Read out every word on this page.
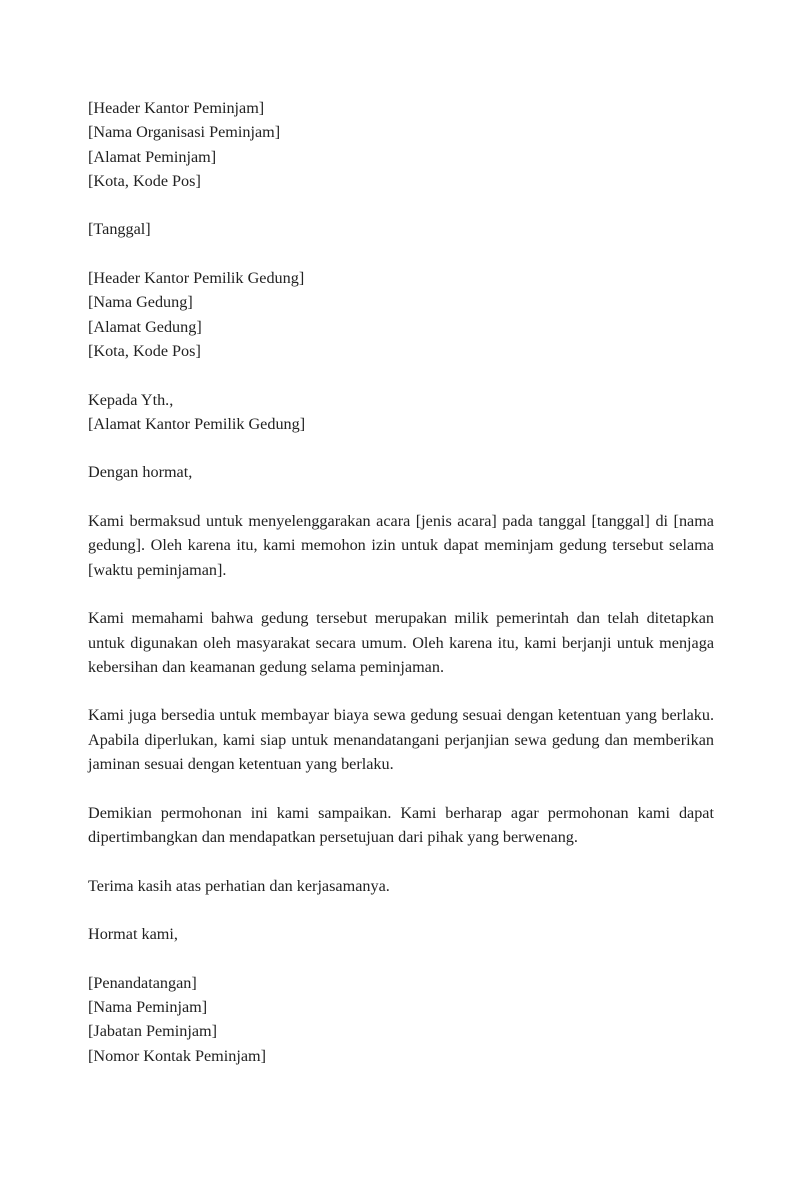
[Header Kantor Peminjam]
[Nama Organisasi Peminjam]
[Alamat Peminjam]
[Kota, Kode Pos]
[Tanggal]
[Header Kantor Pemilik Gedung]
[Nama Gedung]
[Alamat Gedung]
[Kota, Kode Pos]
Kepada Yth.,
[Alamat Kantor Pemilik Gedung]
Dengan hormat,

Kami bermaksud untuk menyelenggarakan acara [jenis acara] pada tanggal [tanggal] di [nama gedung]. Oleh karena itu, kami memohon izin untuk dapat meminjam gedung tersebut selama [waktu peminjaman].

Kami memahami bahwa gedung tersebut merupakan milik pemerintah dan telah ditetapkan untuk digunakan oleh masyarakat secara umum. Oleh karena itu, kami berjanji untuk menjaga kebersihan dan keamanan gedung selama peminjaman.

Kami juga bersedia untuk membayar biaya sewa gedung sesuai dengan ketentuan yang berlaku. Apabila diperlukan, kami siap untuk menandatangani perjanjian sewa gedung dan memberikan jaminan sesuai dengan ketentuan yang berlaku.

Demikian permohonan ini kami sampaikan. Kami berharap agar permohonan kami dapat dipertimbangkan dan mendapatkan persetujuan dari pihak yang berwenang.

Terima kasih atas perhatian dan kerjasamanya.

Hormat kami,
[Penandatangan]
[Nama Peminjam]
[Jabatan Peminjam]
[Nomor Kontak Peminjam]
